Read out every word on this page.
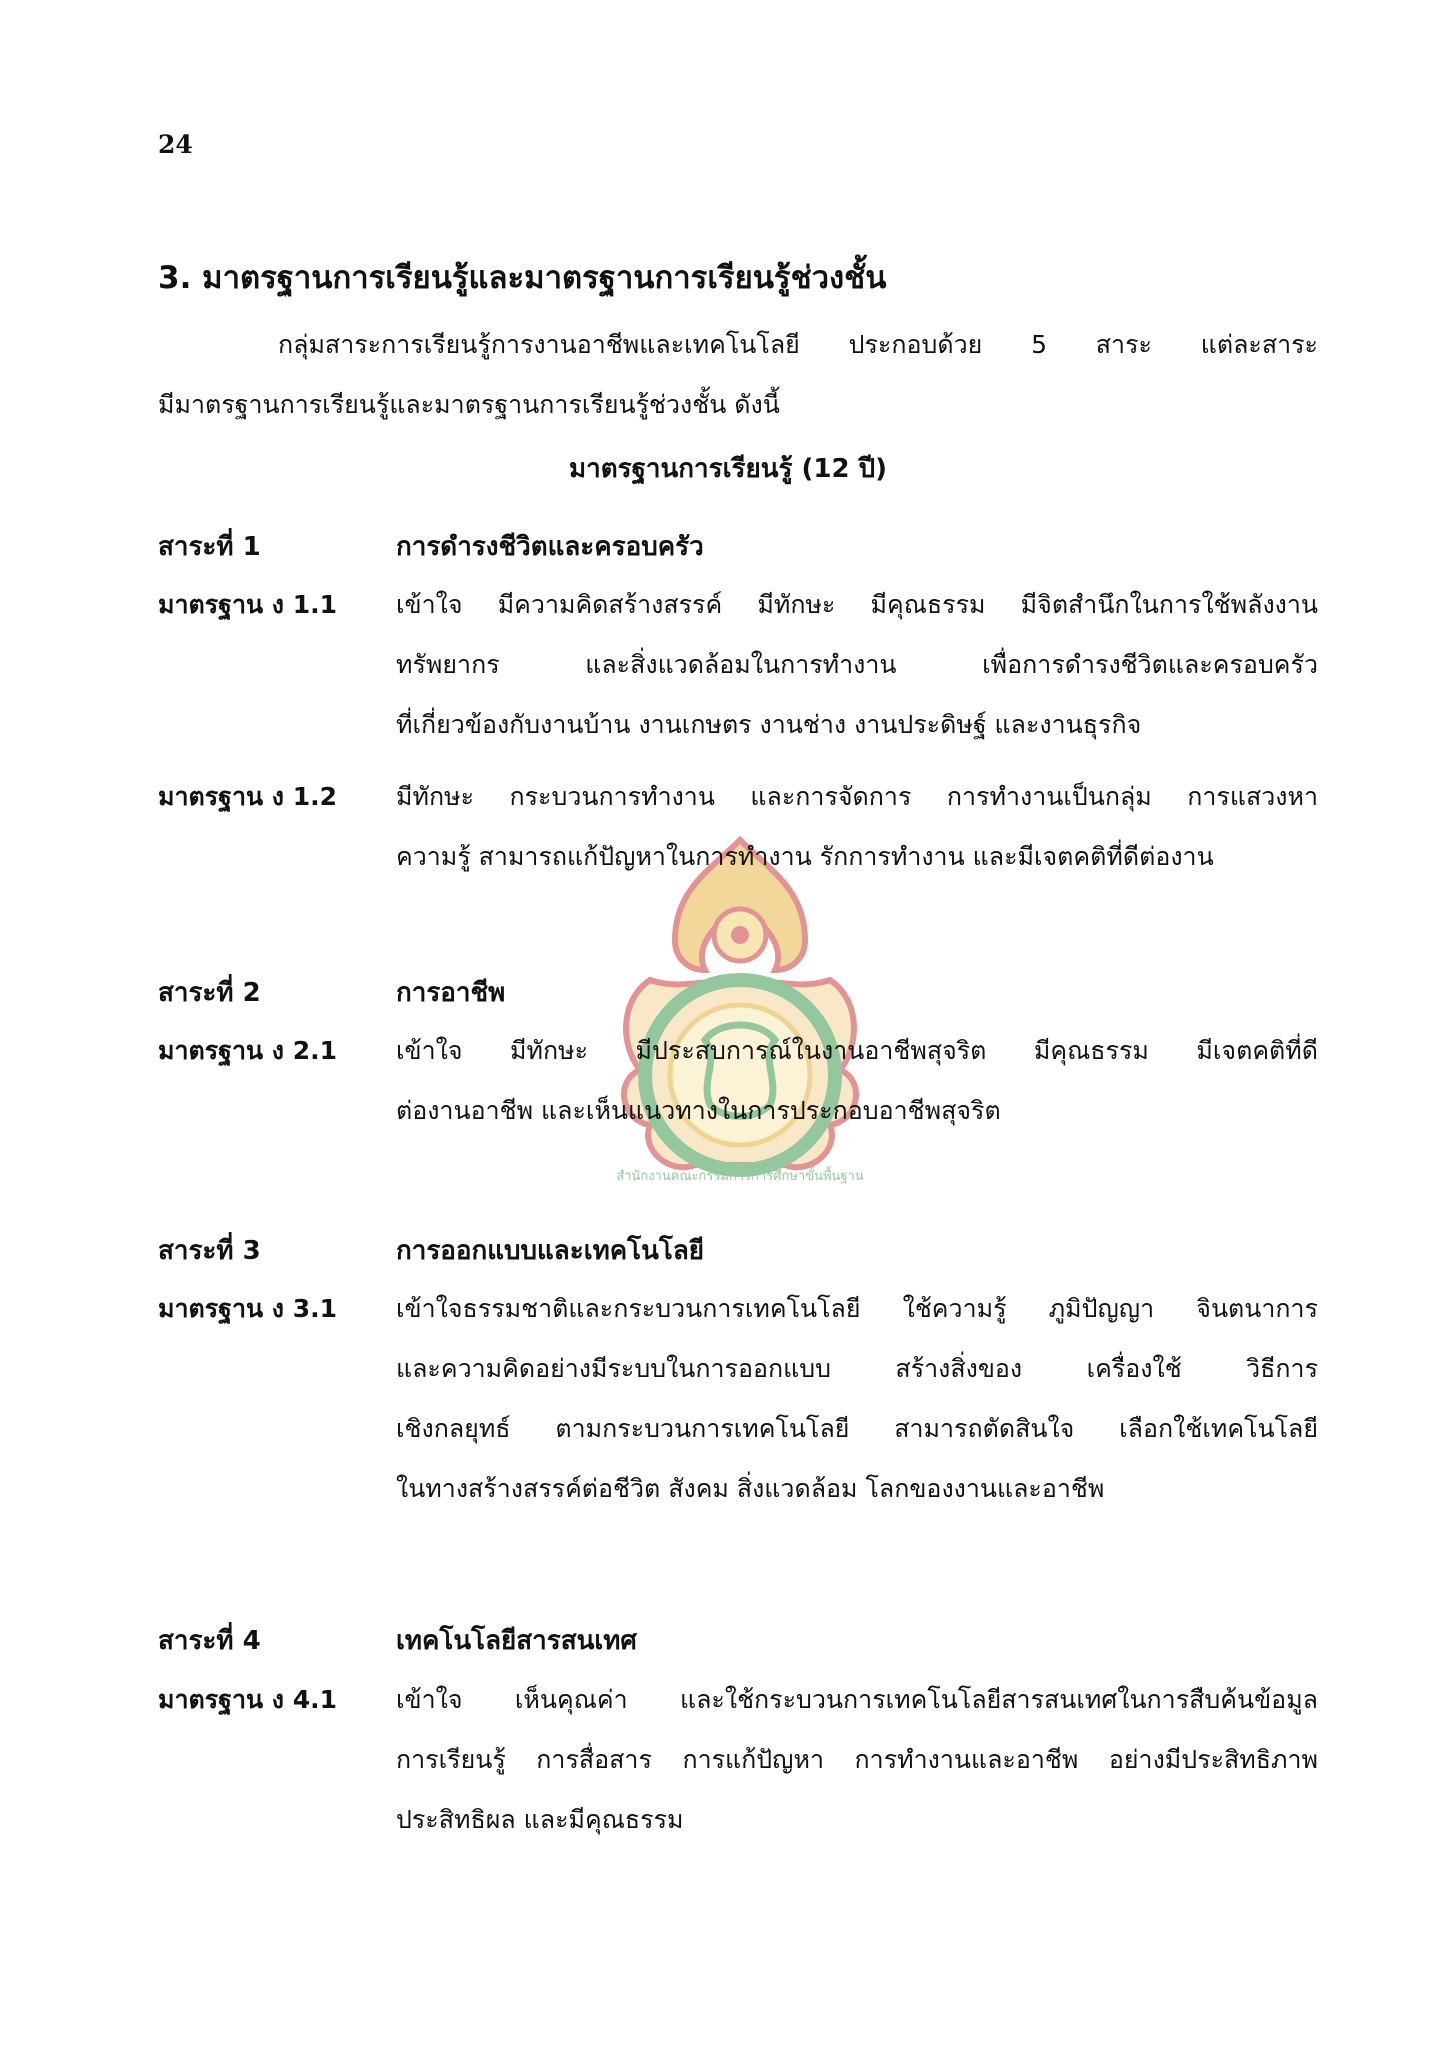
24
3. มาตรฐานการเรียนรู้และมาตรฐานการเรียนรู้ช่วงชั้น
กลุ่มสาระการเรียนรู้การงานอาชีพและเทคโนโลยี ประกอบด้วย 5 สาระ แต่ละสาระ
มีมาตรฐานการเรียนรู้และมาตรฐานการเรียนรู้ช่วงชั้น ดังนี้
มาตรฐานการเรียนรู้ (12 ปี)
สำนักงานคณะกรรมการการศึกษาขั้นพื้นฐาน
สาระที่ 1	การดำรงชีวิตและครอบครัว
มาตรฐาน ง 1.1 เข้าใจ มีความคิดสร้างสรรค์ มีทักษะ มีคุณธรรม มีจิตสำนึกในการใช้พลังงาน
ทรัพยากร และสิ่งแวดล้อมในการทำงาน เพื่อการดำรงชีวิตและครอบครัว
ที่เกี่ยวข้องกับงานบ้าน งานเกษตร งานช่าง งานประดิษฐ์ และงานธุรกิจ
มาตรฐาน ง 1.2 มีทักษะ กระบวนการทำงาน และการจัดการ การทำงานเป็นกลุ่ม การแสวงหา
ความรู้ สามารถแก้ปัญหาในการทำงาน รักการทำงาน และมีเจตคติที่ดีต่องาน
สาระที่ 2	การอาชีพ
มาตรฐาน ง 2.1 เข้าใจ มีทักษะ มีประสบการณ์ในงานอาชีพสุจริต มีคุณธรรม มีเจตคติที่ดี
ต่องานอาชีพ และเห็นแนวทางในการประกอบอาชีพสุจริต
สาระที่ 3	การออกแบบและเทคโนโลยี
มาตรฐาน ง 3.1 เข้าใจธรรมชาติและกระบวนการเทคโนโลยี ใช้ความรู้ ภูมิปัญญา จินตนาการ
และความคิดอย่างมีระบบในการออกแบบ สร้างสิ่งของ เครื่องใช้ วิธีการ
เชิงกลยุทธ์ ตามกระบวนการเทคโนโลยี สามารถตัดสินใจ เลือกใช้เทคโนโลยี
ในทางสร้างสรรค์ต่อชีวิต สังคม สิ่งแวดล้อม โลกของงานและอาชีพ
สาระที่ 4	เทคโนโลยีสารสนเทศ
มาตรฐาน ง 4.1 เข้าใจ เห็นคุณค่า และใช้กระบวนการเทคโนโลยีสารสนเทศในการสืบค้นข้อมูล
การเรียนรู้ การสื่อสาร การแก้ปัญหา การทำงานและอาชีพ อย่างมีประสิทธิภาพ
ประสิทธิผล และมีคุณธรรม
